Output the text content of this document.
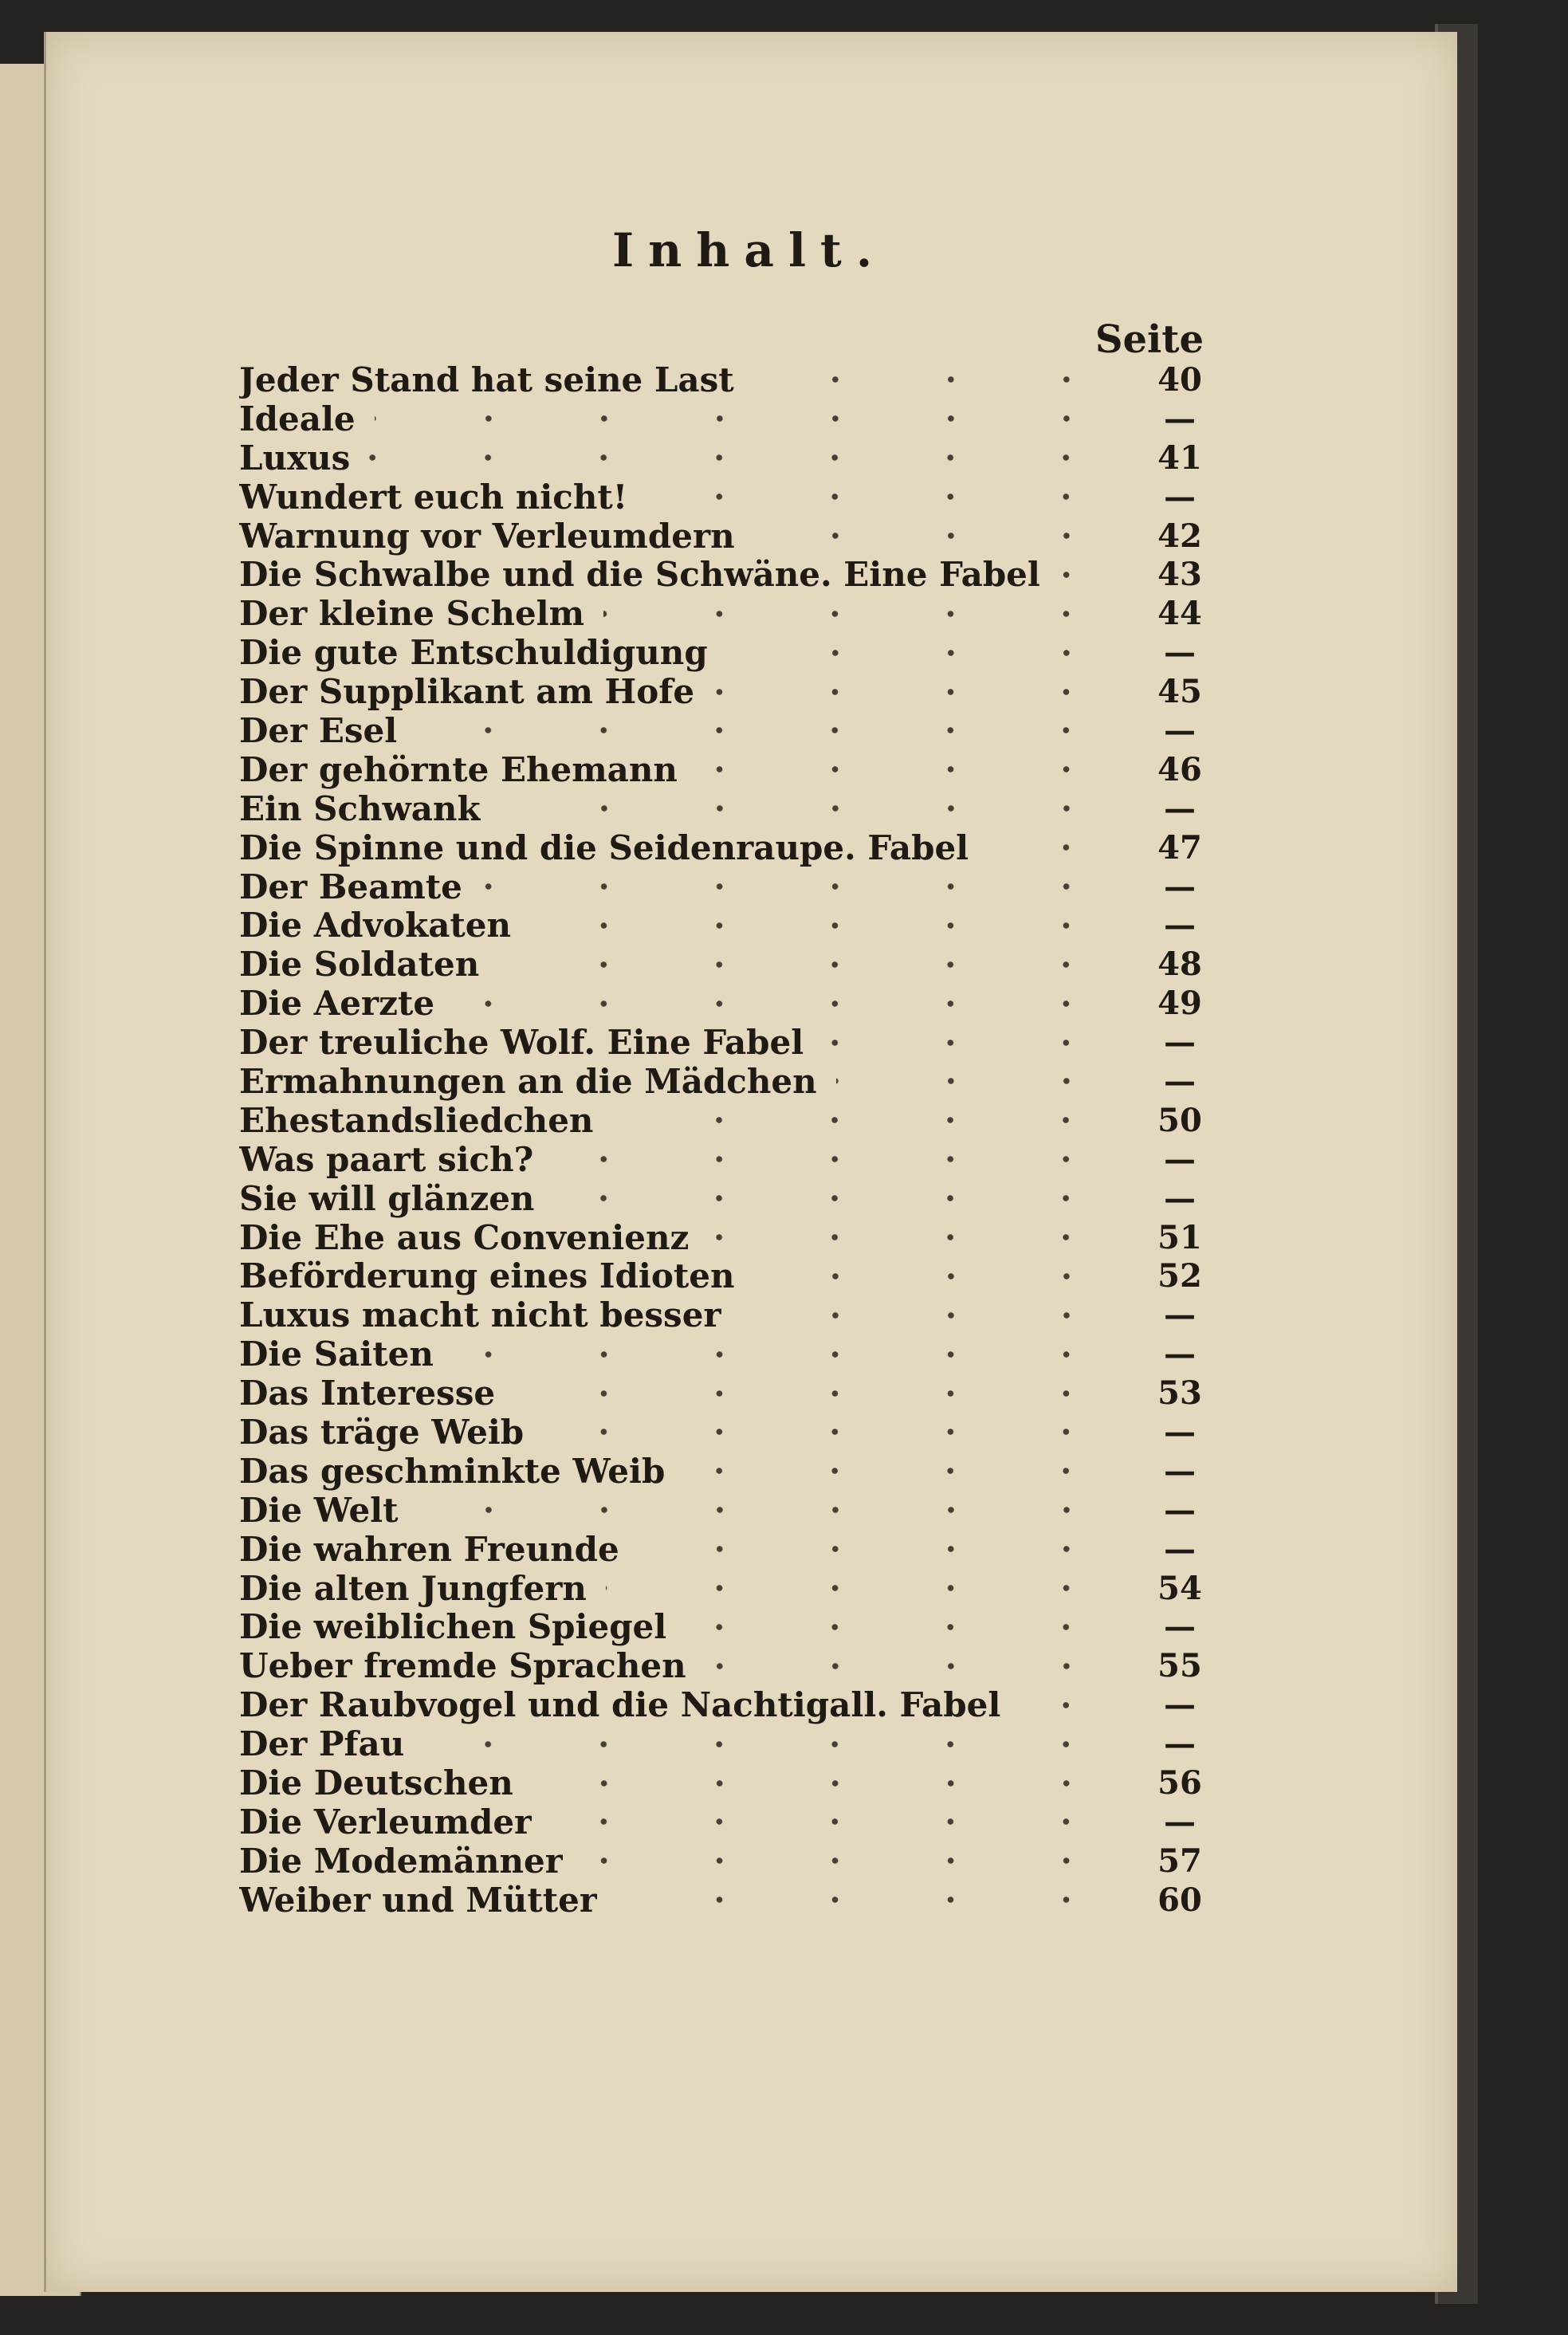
Inhalt.
Seite
Jeder Stand hat seine Last	40
Ideale	—
Luxus	41
Wundert euch nicht!	—
Warnung vor Verleumdern	42
Die Schwalbe und die Schwäne. Eine Fabel	43
Der kleine Schelm	44
Die gute Entschuldigung	—
Der Supplikant am Hofe	45
Der Esel	—
Der gehörnte Ehemann	46
Ein Schwank	—
Die Spinne und die Seidenraupe. Fabel	47
Der Beamte	—
Die Advokaten	—
Die Soldaten	48
Die Aerzte	49
Der treuliche Wolf. Eine Fabel	—
Ermahnungen an die Mädchen	—
Ehestandsliedchen	50
Was paart sich?	—
Sie will glänzen	—
Die Ehe aus Convenienz	51
Beförderung eines Idioten	52
Luxus macht nicht besser	—
Die Saiten	—
Das Interesse	53
Das träge Weib	—
Das geschminkte Weib	—
Die Welt	—
Die wahren Freunde	—
Die alten Jungfern	54
Die weiblichen Spiegel	—
Ueber fremde Sprachen	55
Der Raubvogel und die Nachtigall. Fabel	—
Der Pfau	—
Die Deutschen	56
Die Verleumder	—
Die Modemänner	57
Weiber und Mütter	60
